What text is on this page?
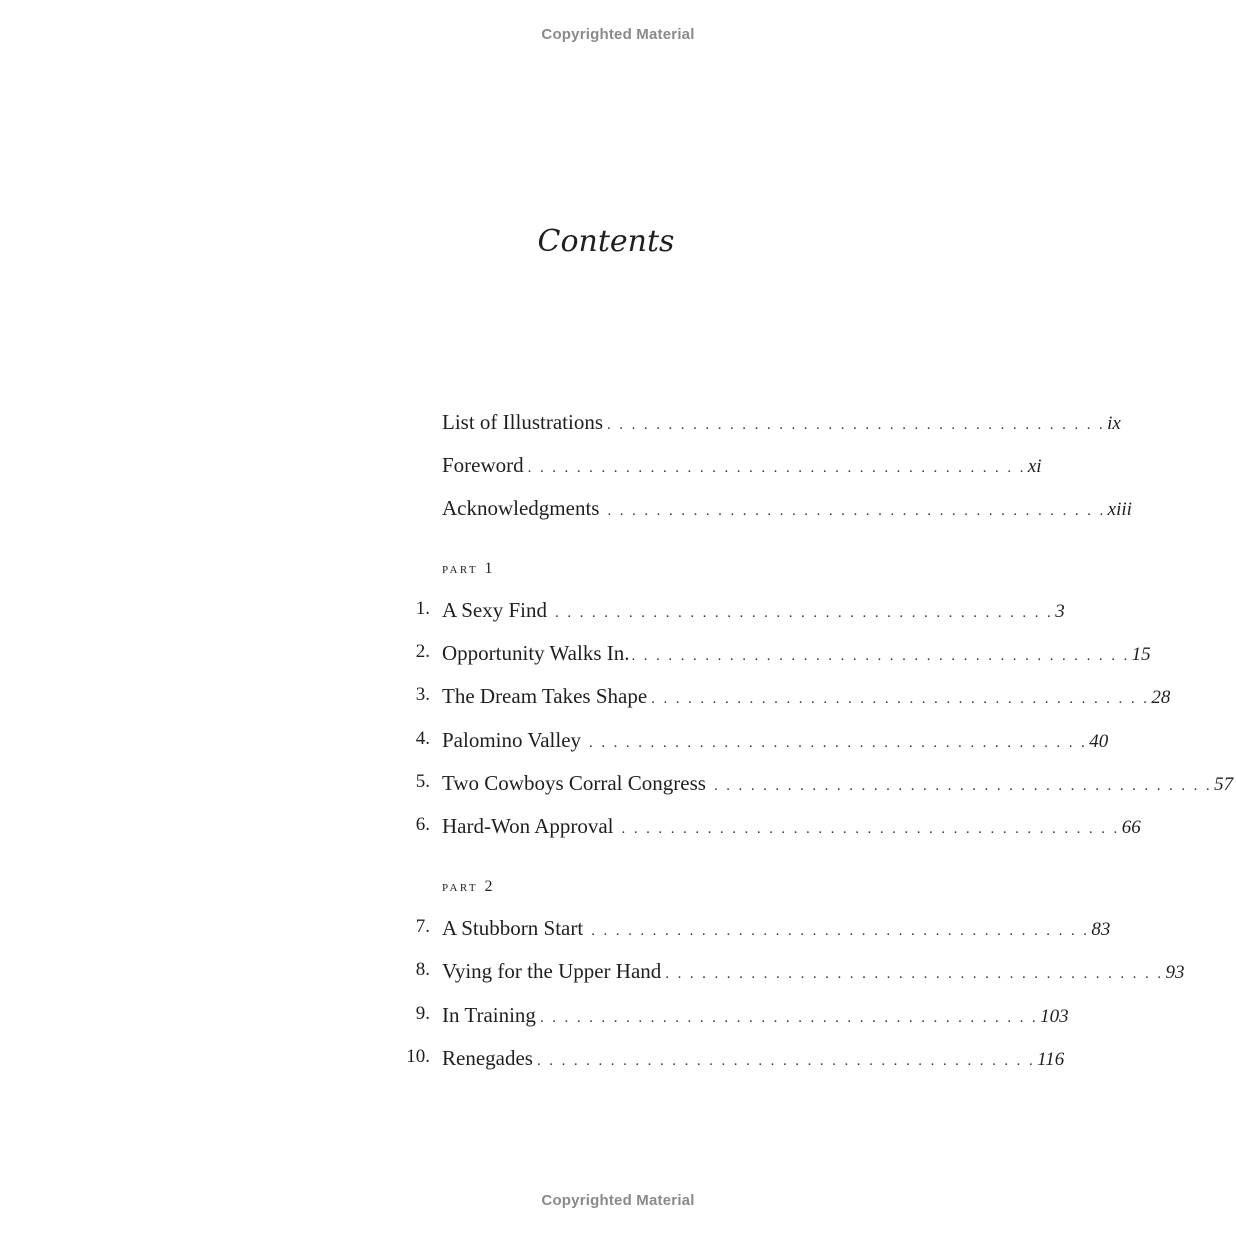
Copyrighted Material
Contents
List of Illustrations . . . . . . . . . . . . . . . . . . . . . . . . . . . . . . . . . . . . . . . . . ix
Foreword . . . . . . . . . . . . . . . . . . . . . . . . . . . . . . . . . . . . . . . . . xi
Acknowledgments . . . . . . . . . . . . . . . . . . . . . . . . . . . . . . . . . . . . . . . . . xiii
part 1
1. A Sexy Find . . . . . . . . . . . . . . . . . . . . . . . . . . . . . . . . . . . . . . . . . 3
2. Opportunity Walks In. . . . . . . . . . . . . . . . . . . . . . . . . . . . . . . . . . . . . . . . . . 15
3. The Dream Takes Shape . . . . . . . . . . . . . . . . . . . . . . . . . . . . . . . . . . . . . . . . . 28
4. Palomino Valley . . . . . . . . . . . . . . . . . . . . . . . . . . . . . . . . . . . . . . . . . 40
5. Two Cowboys Corral Congress . . . . . . . . . . . . . . . . . . . . . . . . . . . . . . . . . . . . . . . . . 57
6. Hard-Won Approval . . . . . . . . . . . . . . . . . . . . . . . . . . . . . . . . . . . . . . . . . 66
part 2
7. A Stubborn Start . . . . . . . . . . . . . . . . . . . . . . . . . . . . . . . . . . . . . . . . . 83
8. Vying for the Upper Hand . . . . . . . . . . . . . . . . . . . . . . . . . . . . . . . . . . . . . . . . . 93
9. In Training . . . . . . . . . . . . . . . . . . . . . . . . . . . . . . . . . . . . . . . . . 103
10. Renegades . . . . . . . . . . . . . . . . . . . . . . . . . . . . . . . . . . . . . . . . . 116
Copyrighted Material
